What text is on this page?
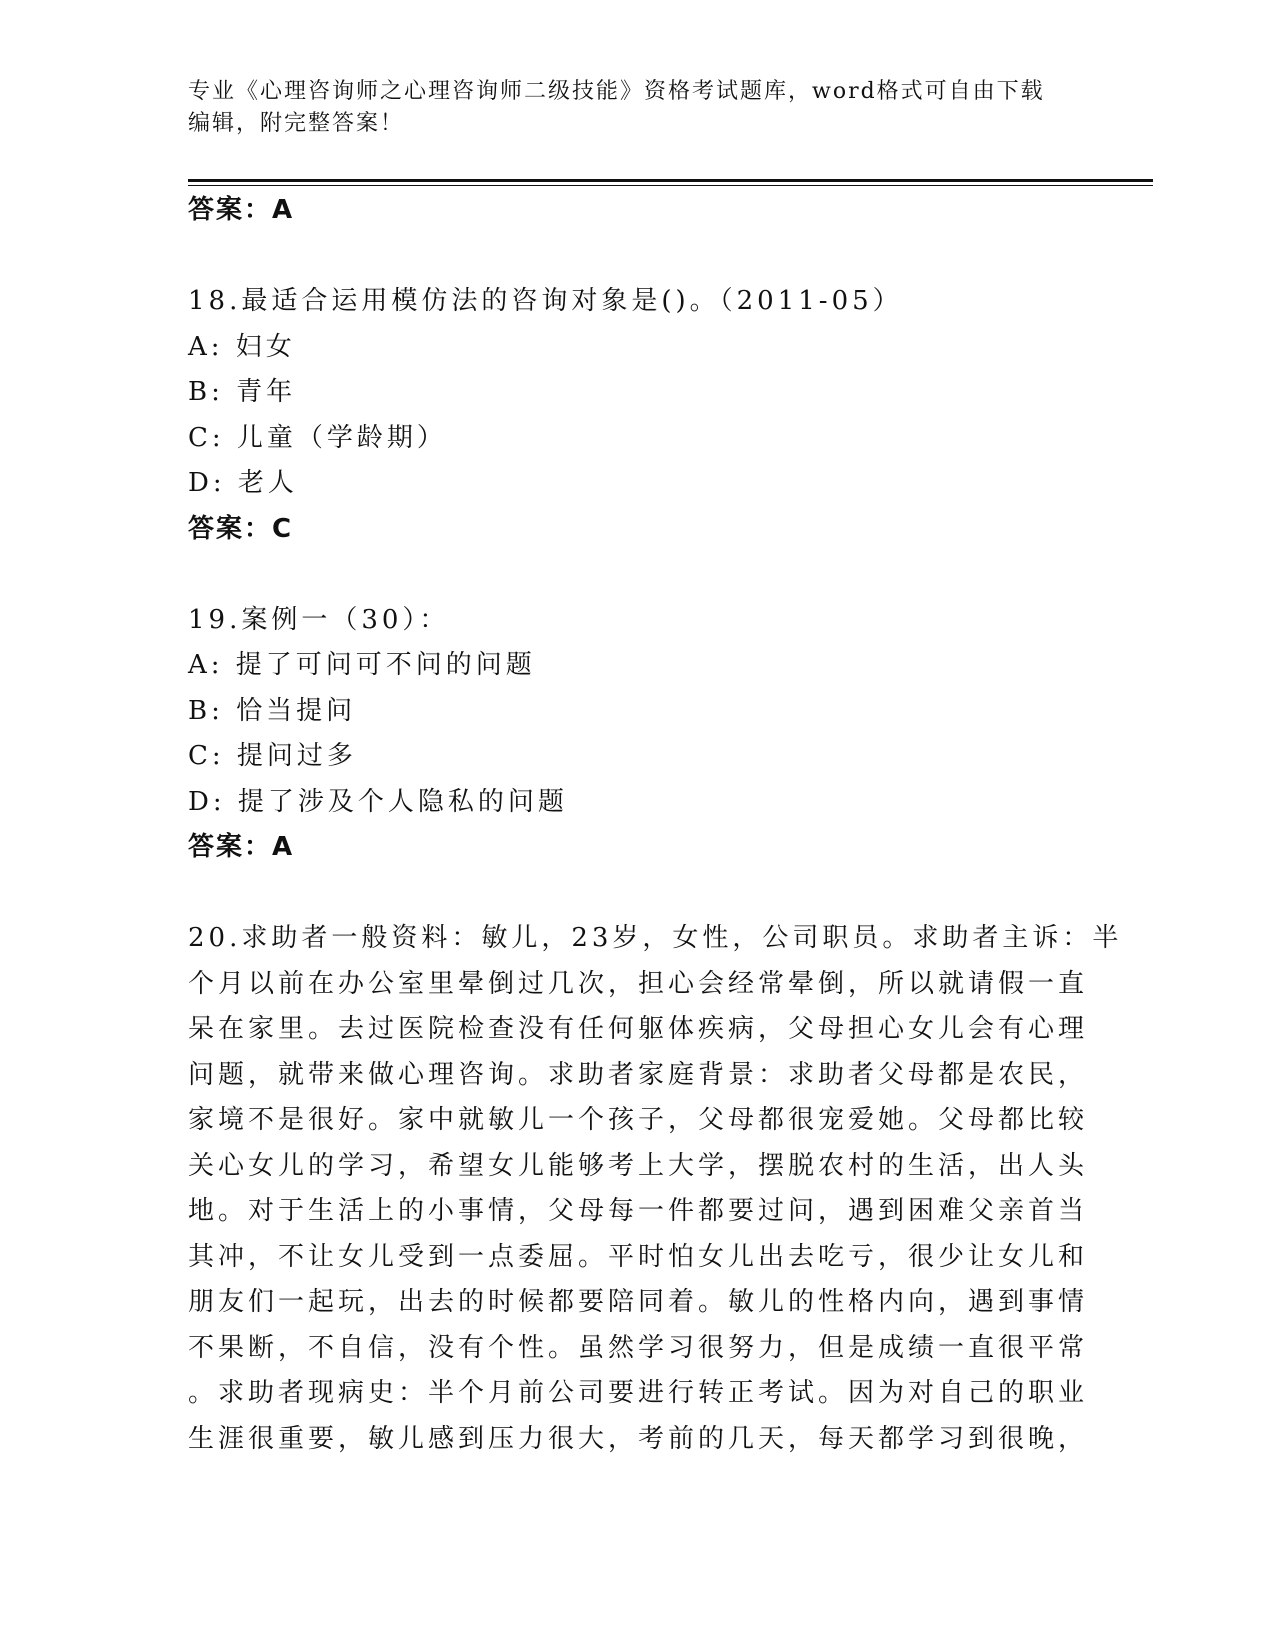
专业《心理咨询师之心理咨询师二级技能》资格考试题库，word格式可自由下载
编辑，附完整答案！
答案：A
18.最适合运用模仿法的咨询对象是()。（2011-05）
A: 妇女
B: 青年
C: 儿童（学龄期）
D: 老人
答案：C
19.案例一（30）：
A: 提了可问可不问的问题
B: 恰当提问
C: 提问过多
D: 提了涉及个人隐私的问题
答案：A
20.求助者一般资料：敏儿，23岁，女性，公司职员。求助者主诉：半
个月以前在办公室里晕倒过几次，担心会经常晕倒，所以就请假一直
呆在家里。去过医院检查没有任何躯体疾病，父母担心女儿会有心理
问题，就带来做心理咨询。求助者家庭背景：求助者父母都是农民，
家境不是很好。家中就敏儿一个孩子，父母都很宠爱她。父母都比较
关心女儿的学习，希望女儿能够考上大学，摆脱农村的生活，出人头
地。对于生活上的小事情，父母每一件都要过问，遇到困难父亲首当
其冲，不让女儿受到一点委屈。平时怕女儿出去吃亏，很少让女儿和
朋友们一起玩，出去的时候都要陪同着。敏儿的性格内向，遇到事情
不果断，不自信，没有个性。虽然学习很努力，但是成绩一直很平常
。求助者现病史：半个月前公司要进行转正考试。因为对自己的职业
生涯很重要，敏儿感到压力很大，考前的几天，每天都学习到很晚，
